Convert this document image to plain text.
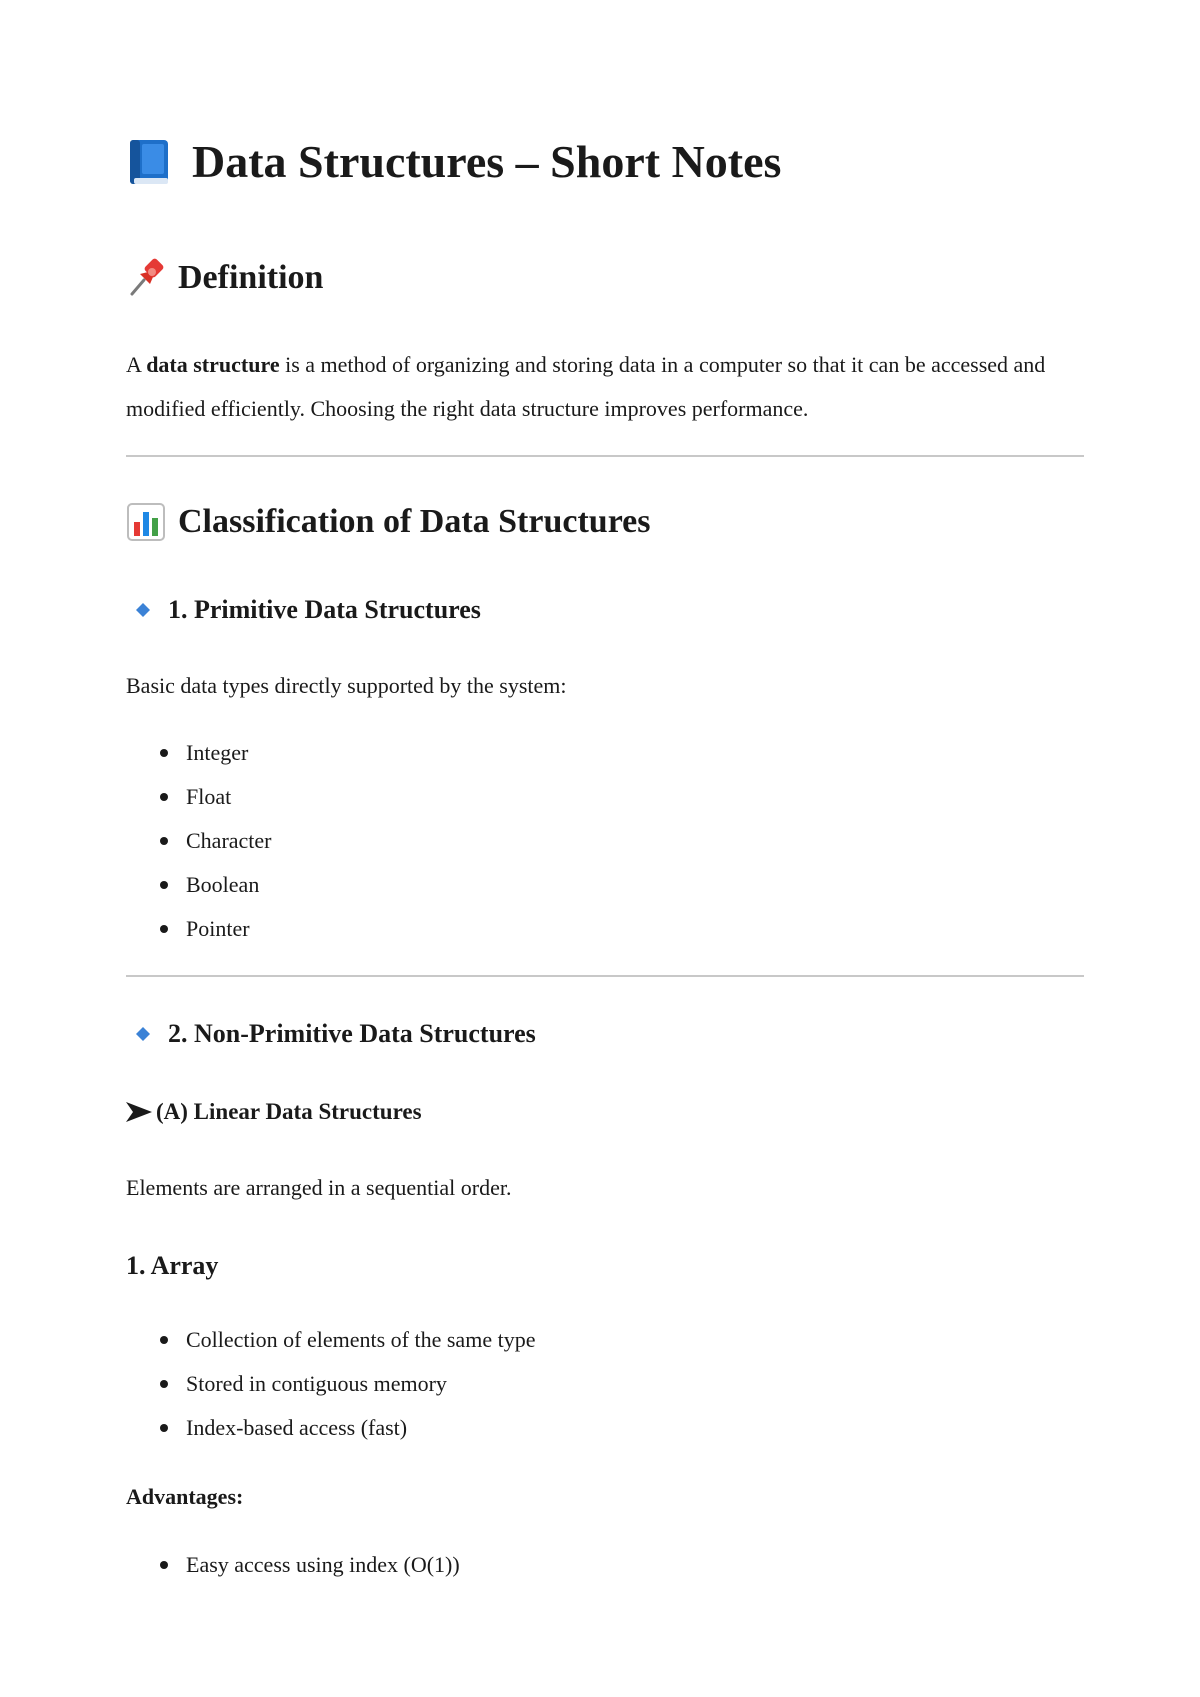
Data Structures – Short Notes
Definition

A data structure is a method of organizing and storing data in a computer so that it can be accessed and modified efficiently. Choosing the right data structure improves performance.

Classification of Data Structures
1. Primitive Data Structures

Basic data types directly supported by the system:

Integer
Float
Character
Boolean
Pointer
2. Non-Primitive Data Structures
(A) Linear Data Structures

Elements are arranged in a sequential order.

1. Array
Collection of elements of the same type
Stored in contiguous memory
Index-based access (fast)

Advantages:

Easy access using index (O(1))
